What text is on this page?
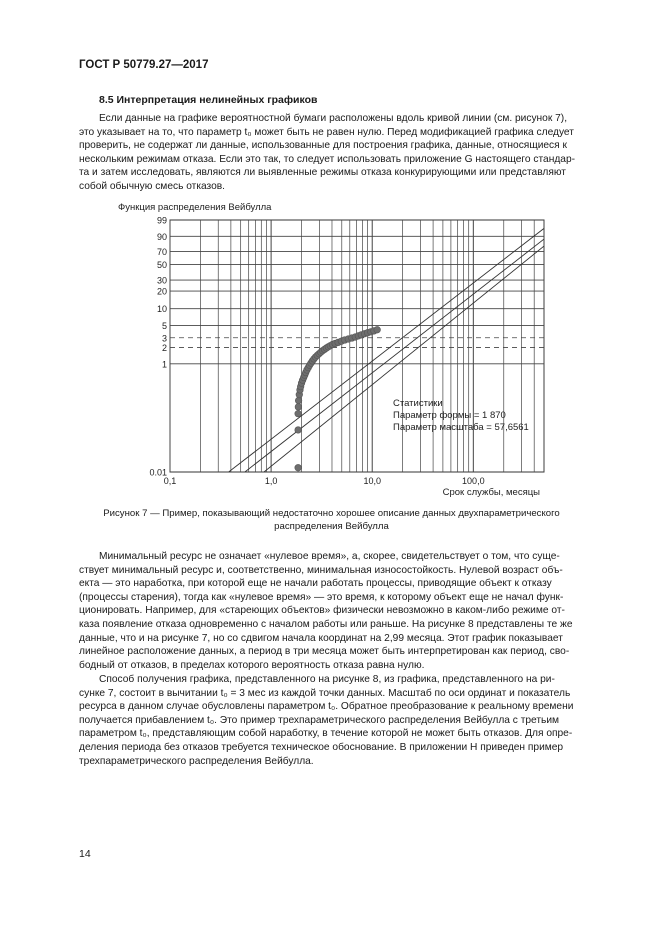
ГОСТ Р 50779.27—2017
8.5 Интерпретация нелинейных графиков

Если данные на графике вероятностной бумаги расположены вдоль кривой линии (см. рисунок 7),
это указывает на то, что параметр t₀ может быть не равен нулю. Перед модификацией графика следует
проверить, не содержат ли данные, использованные для построения графика, данные, относящиеся к
нескольким режимам отказа. Если это так, то следует использовать приложение G настоящего стандар-
та и затем исследовать, являются ли выявленные режимы отказа конкурирующими или представляют
собой обычную смесь отказов.

Функция распределения Вейбулла
0.01
1
2
3
5
10
20
30
50
70
90
99
0,1	1,0	10,0	100,0
Статистики
Параметр формы = 1 870
Параметр масштаба = 57,6561
Срок службы, месяцы
Рисунок 7 — Пример, показывающий недостаточно хорошее описание данных двухпараметрического
распределения Вейбулла

Минимальный ресурс не означает «нулевое время», а, скорее, свидетельствует о том, что суще-
ствует минимальный ресурс и, соответственно, минимальная износостойкость. Нулевой возраст объ-
екта — это наработка, при которой еще не начали работать процессы, приводящие объект к отказу
(процессы старения), тогда как «нулевое время» — это время, к которому объект еще не начал функ-
ционировать. Например, для «стареющих объектов» физически невозможно в каком-либо режиме от-
каза появление отказа одновременно с началом работы или раньше. На рисунке 8 представлены те же
данные, что и на рисунке 7, но со сдвигом начала координат на 2,99 месяца. Этот график показывает
линейное расположение данных, а период в три месяца может быть интерпретирован как период, сво-
бодный от отказов, в пределах которого вероятность отказа равна нулю.

Способ получения графика, представленного на рисунке 8, из графика, представленного на ри-
сунке 7, состоит в вычитании t₀ = 3 мес из каждой точки данных. Масштаб по оси ординат и показатель
ресурса в данном случае обусловлены параметром t₀. Обратное преобразование к реальному времени
получается прибавлением t₀. Это пример трехпараметрического распределения Вейбулла с третьим
параметром t₀, представляющим собой наработку, в течение которой не может быть отказов. Для опре-
деления периода без отказов требуется техническое обоснование. В приложении H приведен пример
трехпараметрического распределения Вейбулла.

14
